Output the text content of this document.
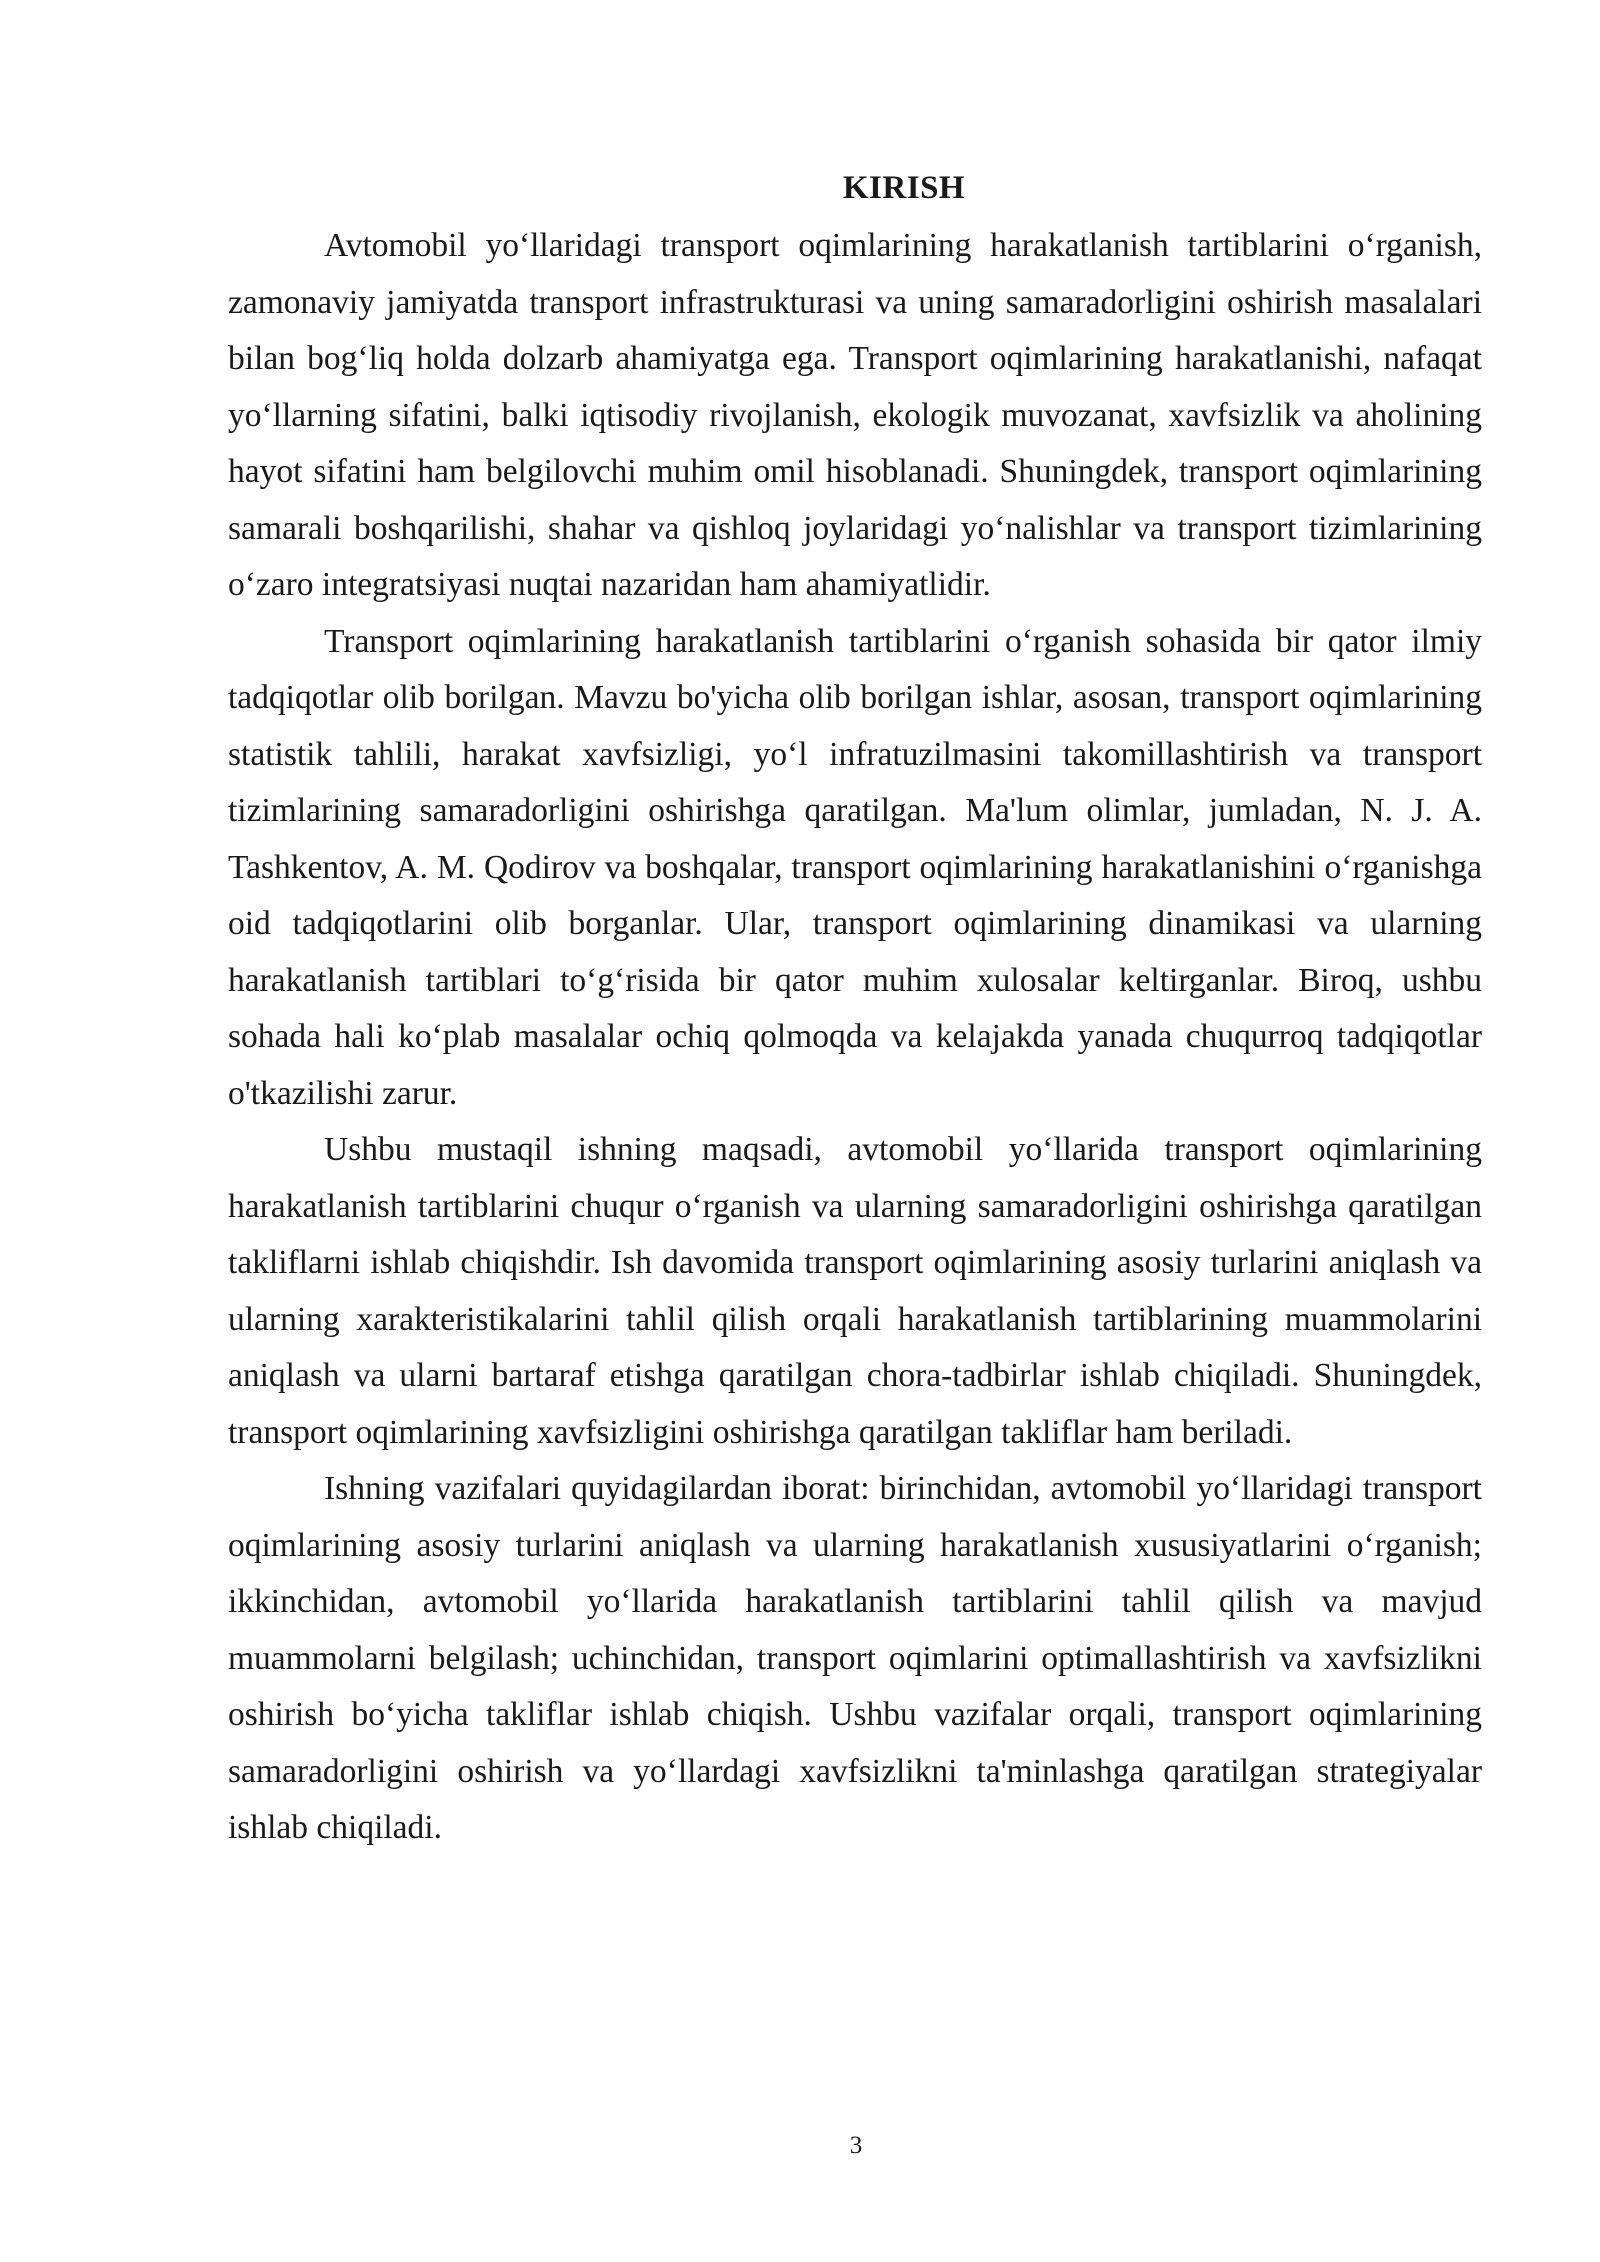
KIRISH

Avtomobil yo‘llaridagi transport oqimlarining harakatlanish tartiblarini o‘rganish, zamonaviy jamiyatda transport infrastrukturasi va uning samaradorligini oshirish masalalari bilan bog‘liq holda dolzarb ahamiyatga ega. Transport oqimlarining harakatlanishi, nafaqat yo‘llarning sifatini, balki iqtisodiy rivojlanish, ekologik muvozanat, xavfsizlik va aholining hayot sifatini ham belgilovchi muhim omil hisoblanadi. Shuningdek, transport oqimlarining samarali boshqarilishi, shahar va qishloq joylaridagi yo‘nalishlar va transport tizimlarining o‘zaro integratsiyasi nuqtai nazaridan ham ahamiyatlidir.

Transport oqimlarining harakatlanish tartiblarini o‘rganish sohasida bir qator ilmiy tadqiqotlar olib borilgan. Mavzu bo'yicha olib borilgan ishlar, asosan, transport oqimlarining statistik tahlili, harakat xavfsizligi, yo‘l infratuzilmasini takomillashtirish va transport tizimlarining samaradorligini oshirishga qaratilgan. Ma'lum olimlar, jumladan, N. J. A. Tashkentov, A. M. Qodirov va boshqalar, transport oqimlarining harakatlanishini o‘rganishga oid tadqiqotlarini olib borganlar. Ular, transport oqimlarining dinamikasi va ularning harakatlanish tartiblari to‘g‘risida bir qator muhim xulosalar keltirganlar. Biroq, ushbu sohada hali ko‘plab masalalar ochiq qolmoqda va kelajakda yanada chuqurroq tadqiqotlar o'tkazilishi zarur.

Ushbu mustaqil ishning maqsadi, avtomobil yo‘llarida transport oqimlarining harakatlanish tartiblarini chuqur o‘rganish va ularning samaradorligini oshirishga qaratilgan takliflarni ishlab chiqishdir. Ish davomida transport oqimlarining asosiy turlarini aniqlash va ularning xarakteristikalarini tahlil qilish orqali harakatlanish tartiblarining muammolarini aniqlash va ularni bartaraf etishga qaratilgan chora-tadbirlar ishlab chiqiladi. Shuningdek, transport oqimlarining xavfsizligini oshirishga qaratilgan takliflar ham beriladi.

Ishning vazifalari quyidagilardan iborat: birinchidan, avtomobil yo‘llaridagi transport oqimlarining asosiy turlarini aniqlash va ularning harakatlanish xususiyatlarini o‘rganish; ikkinchidan, avtomobil yo‘llarida harakatlanish tartiblarini tahlil qilish va mavjud muammolarni belgilash; uchinchidan, transport oqimlarini optimallashtirish va xavfsizlikni oshirish bo‘yicha takliflar ishlab chiqish. Ushbu vazifalar orqali, transport oqimlarining samaradorligini oshirish va yo‘llardagi xavfsizlikni ta'minlashga qaratilgan strategiyalar ishlab chiqiladi.

3
